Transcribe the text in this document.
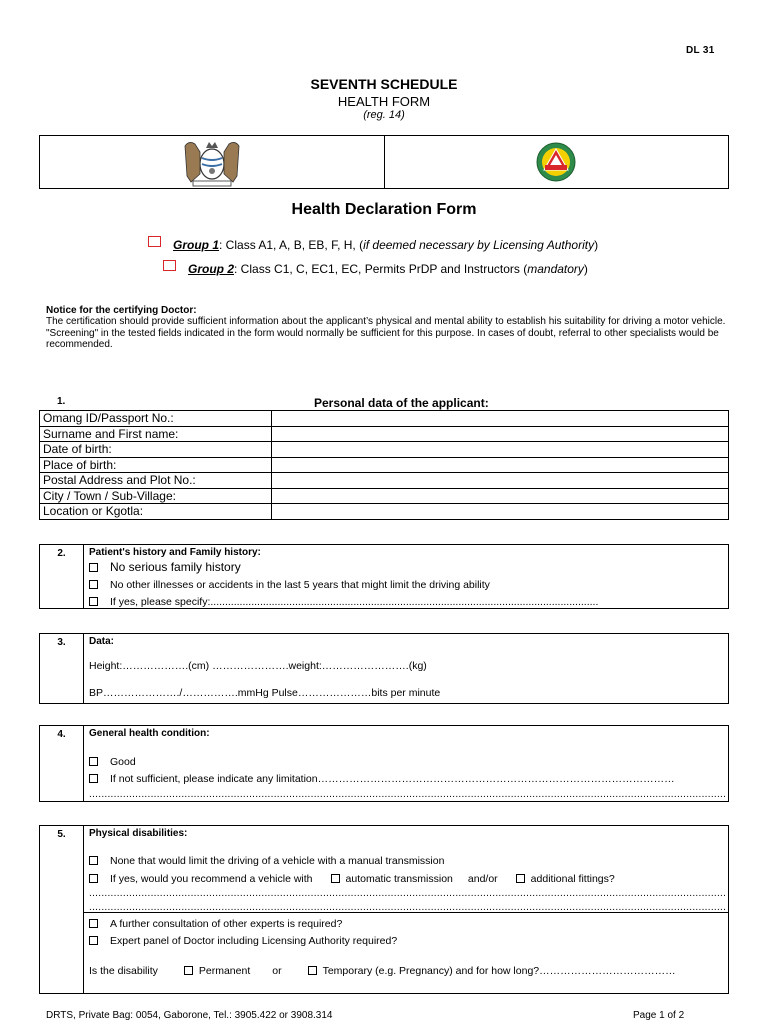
DL 31
SEVENTH SCHEDULE
HEALTH FORM
(reg. 14)
Health Declaration Form
Group 1 : Class A1, A, B, EB, F, H, ( if deemed necessary by Licensing Authority )
Group 2 : Class C1, C, EC1, EC, Permits PrDP and Instructors ( mandatory )
Notice for the certifying Doctor:
The certification should provide sufficient information about the applicant’s physical and mental ability to establish his suitability for driving a motor vehicle.
"Screening" in the tested fields indicated in the form would normally be sufficient for this purpose. In cases of doubt, referral to other specialists would be recommended.
1.	Personal data of the applicant:
Omang ID/Passport No.:	
Surname and First name:	
Date of birth:	
Place of birth:	
Postal Address and Plot No.:	
City / Town / Sub-Village:	
Location or Kgotla:	
2.	Patient's history and Family history:
No serious family history
No other illnesses or accidents in the last 5 years that might limit the driving ability
If yes, please specify:.....................................................................................................................................
3.	Data:
Height:……………….(cm) ………………….weight:…………………….(kg)
BP…………………./…………….mmHg Pulse…………………bits per minute
4.	General health condition:
Good
If not sufficient, please indicate any limitation…………………………………………………………………………………………
.....
5.	Physical disabilities:
None that would limit the driving of a vehicle with a manual transmission
If yes, would you recommend a vehicle with	automatic transmission and/or	additional fittings?
.....
.....
A further consultation of other experts is required?
Expert panel of Doctor including Licensing Authority required?
Is the disability	Permanent or	Temporary (e.g. Pregnancy) and for how long?…………………………………
DRTS, Private Bag: 0054, Gaborone, Tel.: 3905.422 or 3908.314	Page 1 of 2
